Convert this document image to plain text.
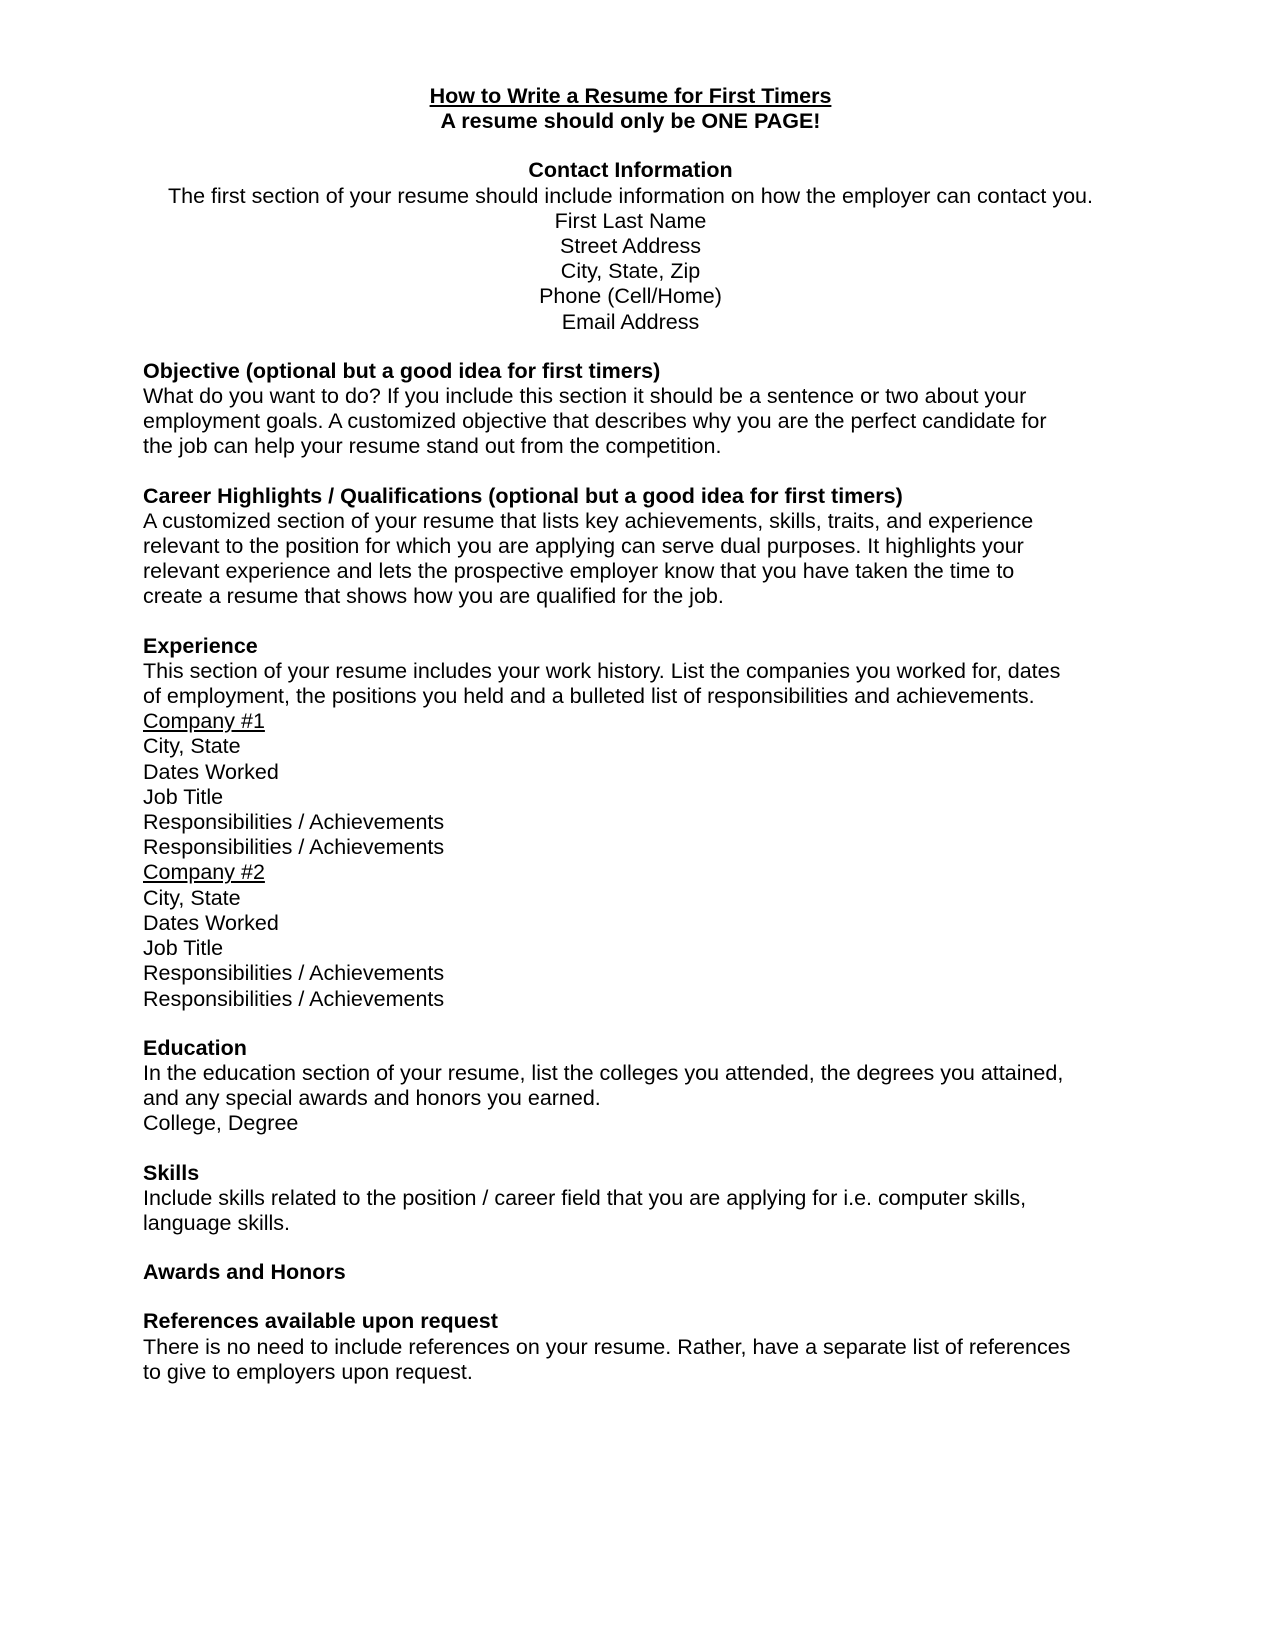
How to Write a Resume for First Timers
A resume should only be ONE PAGE!
Contact Information
The first section of your resume should include information on how the employer can contact you.
First Last Name
Street Address
City, State, Zip
Phone (Cell/Home)
Email Address
Objective (optional but a good idea for first timers)
What do you want to do? If you include this section it should be a sentence or two about your
employment goals. A customized objective that describes why you are the perfect candidate for
the job can help your resume stand out from the competition.
Career Highlights / Qualifications (optional but a good idea for first timers)
A customized section of your resume that lists key achievements, skills, traits, and experience
relevant to the position for which you are applying can serve dual purposes. It highlights your
relevant experience and lets the prospective employer know that you have taken the time to
create a resume that shows how you are qualified for the job.
Experience
This section of your resume includes your work history. List the companies you worked for, dates
of employment, the positions you held and a bulleted list of responsibilities and achievements.
Company #1
City, State
Dates Worked
Job Title
Responsibilities / Achievements
Responsibilities / Achievements
Company #2
City, State
Dates Worked
Job Title
Responsibilities / Achievements
Responsibilities / Achievements
Education
In the education section of your resume, list the colleges you attended, the degrees you attained,
and any special awards and honors you earned.
College, Degree
Skills
Include skills related to the position / career field that you are applying for i.e. computer skills,
language skills.
Awards and Honors
References available upon request
There is no need to include references on your resume. Rather, have a separate list of references
to give to employers upon request.
